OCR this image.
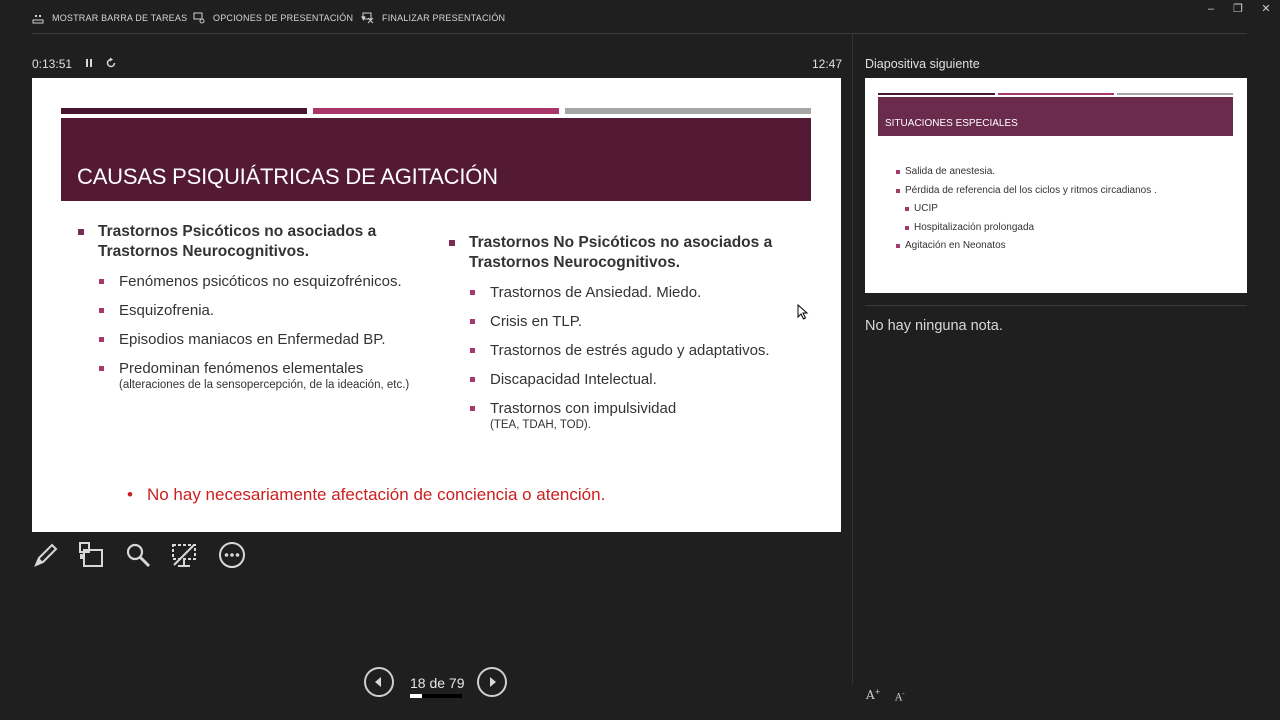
MOSTRAR BARRA DE TAREAS	OPCIONES DE PRESENTACIÓN ▾ FINALIZAR PRESENTACIÓN
–	❐	✕
0:13:51	12:47
CAUSAS PSIQUIÁTRICAS DE AGITACIÓN
Trastornos Psicóticos no asociados a Trastornos Neurocognitivos.
Fenómenos psicóticos no esquizofrénicos.
Esquizofrenia.
Episodios maniacos en Enfermedad BP.
Predominan fenómenos elementales
(alteraciones de la sensopercepción, de la ideación, etc.)
Trastornos No Psicóticos no asociados a Trastornos Neurocognitivos.
Trastornos de Ansiedad. Miedo.
Crisis en TLP.
Trastornos de estrés agudo y adaptativos.
Discapacidad Intelectual.
Trastornos con impulsividad
(TEA, TDAH, TOD).
• No hay necesariamente afectación de conciencia o atención.
18 de 79
Diapositiva siguiente
SITUACIONES ESPECIALES
Salida de anestesia.
Pérdida de referencia del los ciclos y ritmos circadianos .
UCIP
Hospitalización prolongada
Agitación en Neonatos
No hay ninguna nota.
A+
A-
